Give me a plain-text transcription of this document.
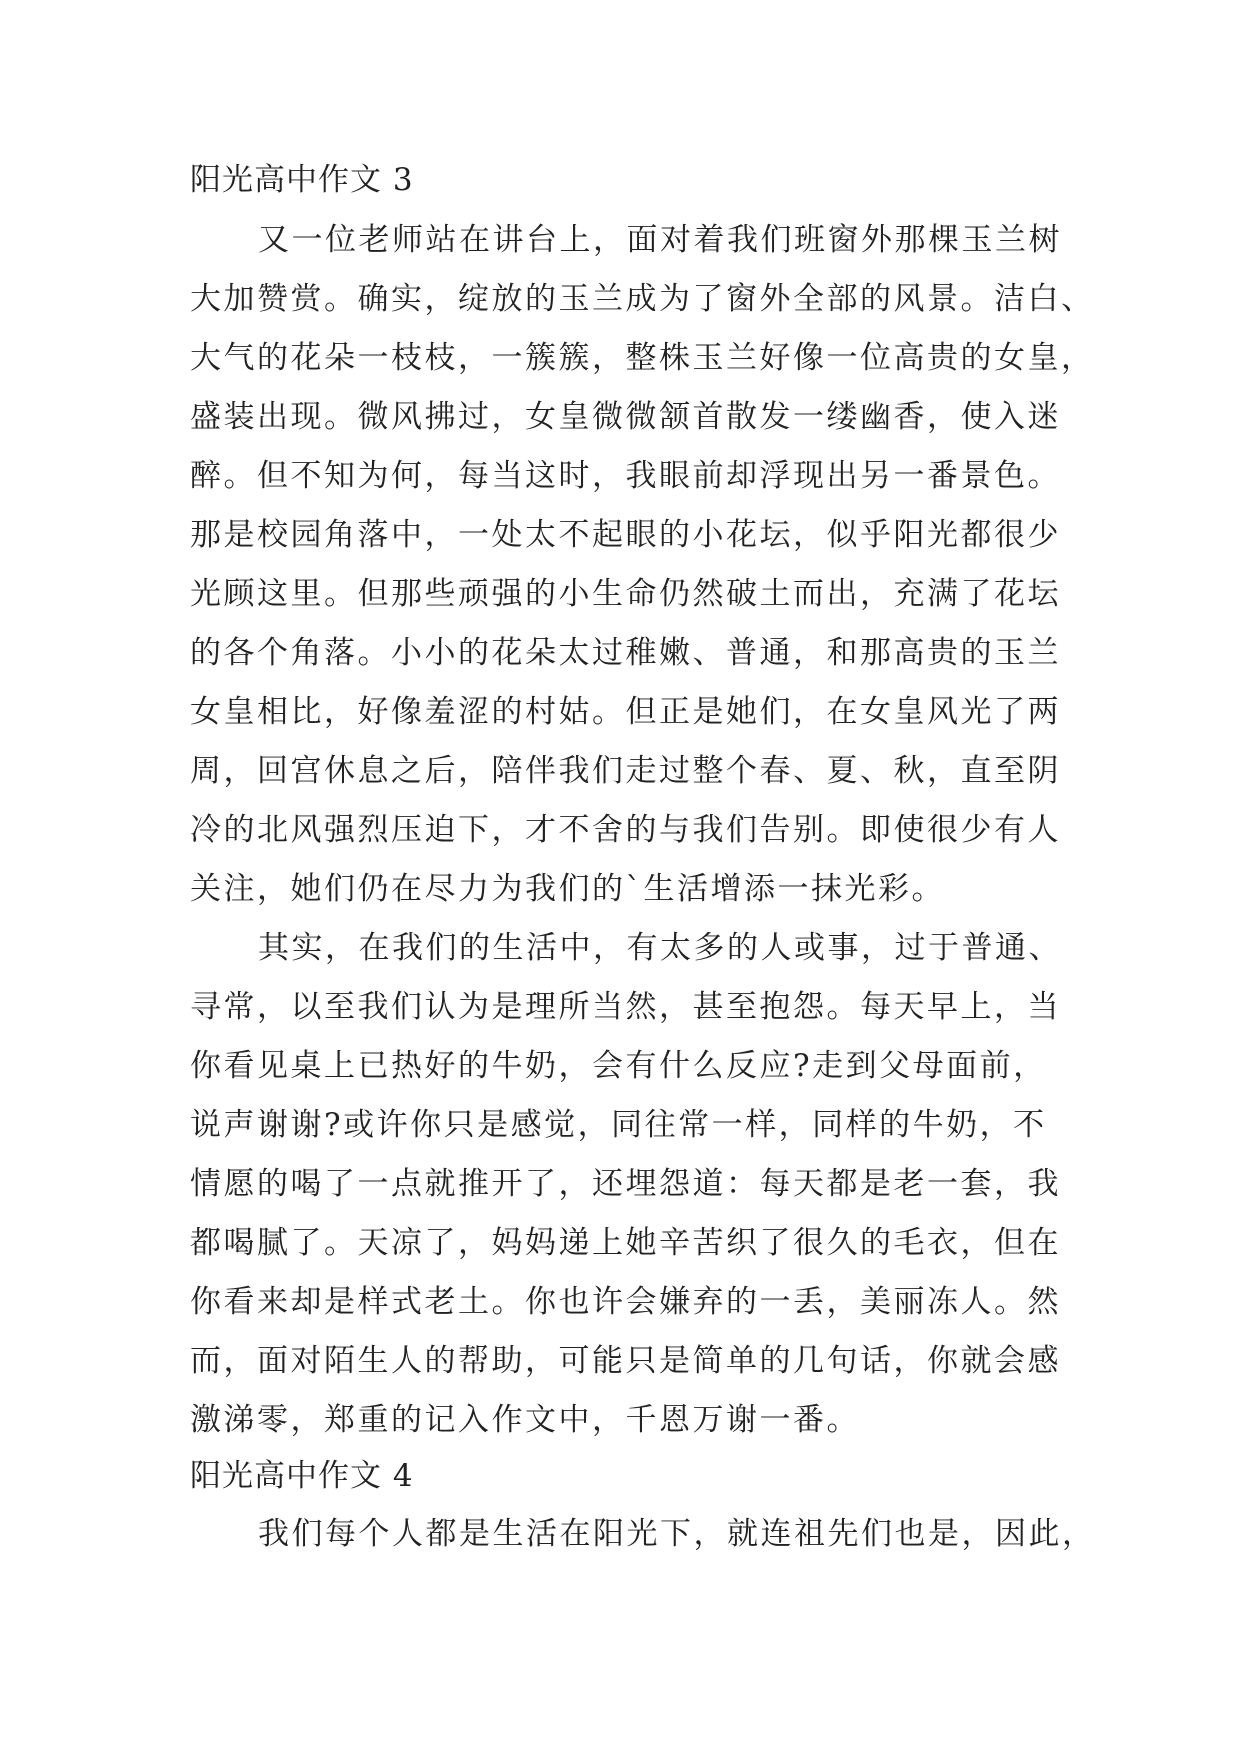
阳光高中作文 3
又一位老师站在讲台上，面对着我们班窗外那棵玉兰树
大加赞赏。确实，绽放的玉兰成为了窗外全部的风景。洁白、
大气的花朵一枝枝，一簇簇，整株玉兰好像一位高贵的女皇，
盛装出现。微风拂过，女皇微微颔首散发一缕幽香，使入迷
醉。但不知为何，每当这时，我眼前却浮现出另一番景色。
那是校园角落中，一处太不起眼的小花坛，似乎阳光都很少
光顾这里。但那些顽强的小生命仍然破土而出，充满了花坛
的各个角落。小小的花朵太过稚嫩、普通，和那高贵的玉兰
女皇相比，好像羞涩的村姑。但正是她们，在女皇风光了两
周，回宫休息之后，陪伴我们走过整个春、夏、秋，直至阴
冷的北风强烈压迫下，才不舍的与我们告别。即使很少有人
关注，她们仍在尽力为我们的`生活增添一抹光彩。
其实，在我们的生活中，有太多的人或事，过于普通、
寻常，以至我们认为是理所当然，甚至抱怨。每天早上，当
你看见桌上已热好的牛奶，会有什么反应?走到父母面前，
说声谢谢?或许你只是感觉，同往常一样，同样的牛奶，不
情愿的喝了一点就推开了，还埋怨道：每天都是老一套，我
都喝腻了。天凉了，妈妈递上她辛苦织了很久的毛衣，但在
你看来却是样式老土。你也许会嫌弃的一丢，美丽冻人。然
而，面对陌生人的帮助，可能只是简单的几句话，你就会感
激涕零，郑重的记入作文中，千恩万谢一番。
阳光高中作文 4
我们每个人都是生活在阳光下，就连祖先们也是，因此，
